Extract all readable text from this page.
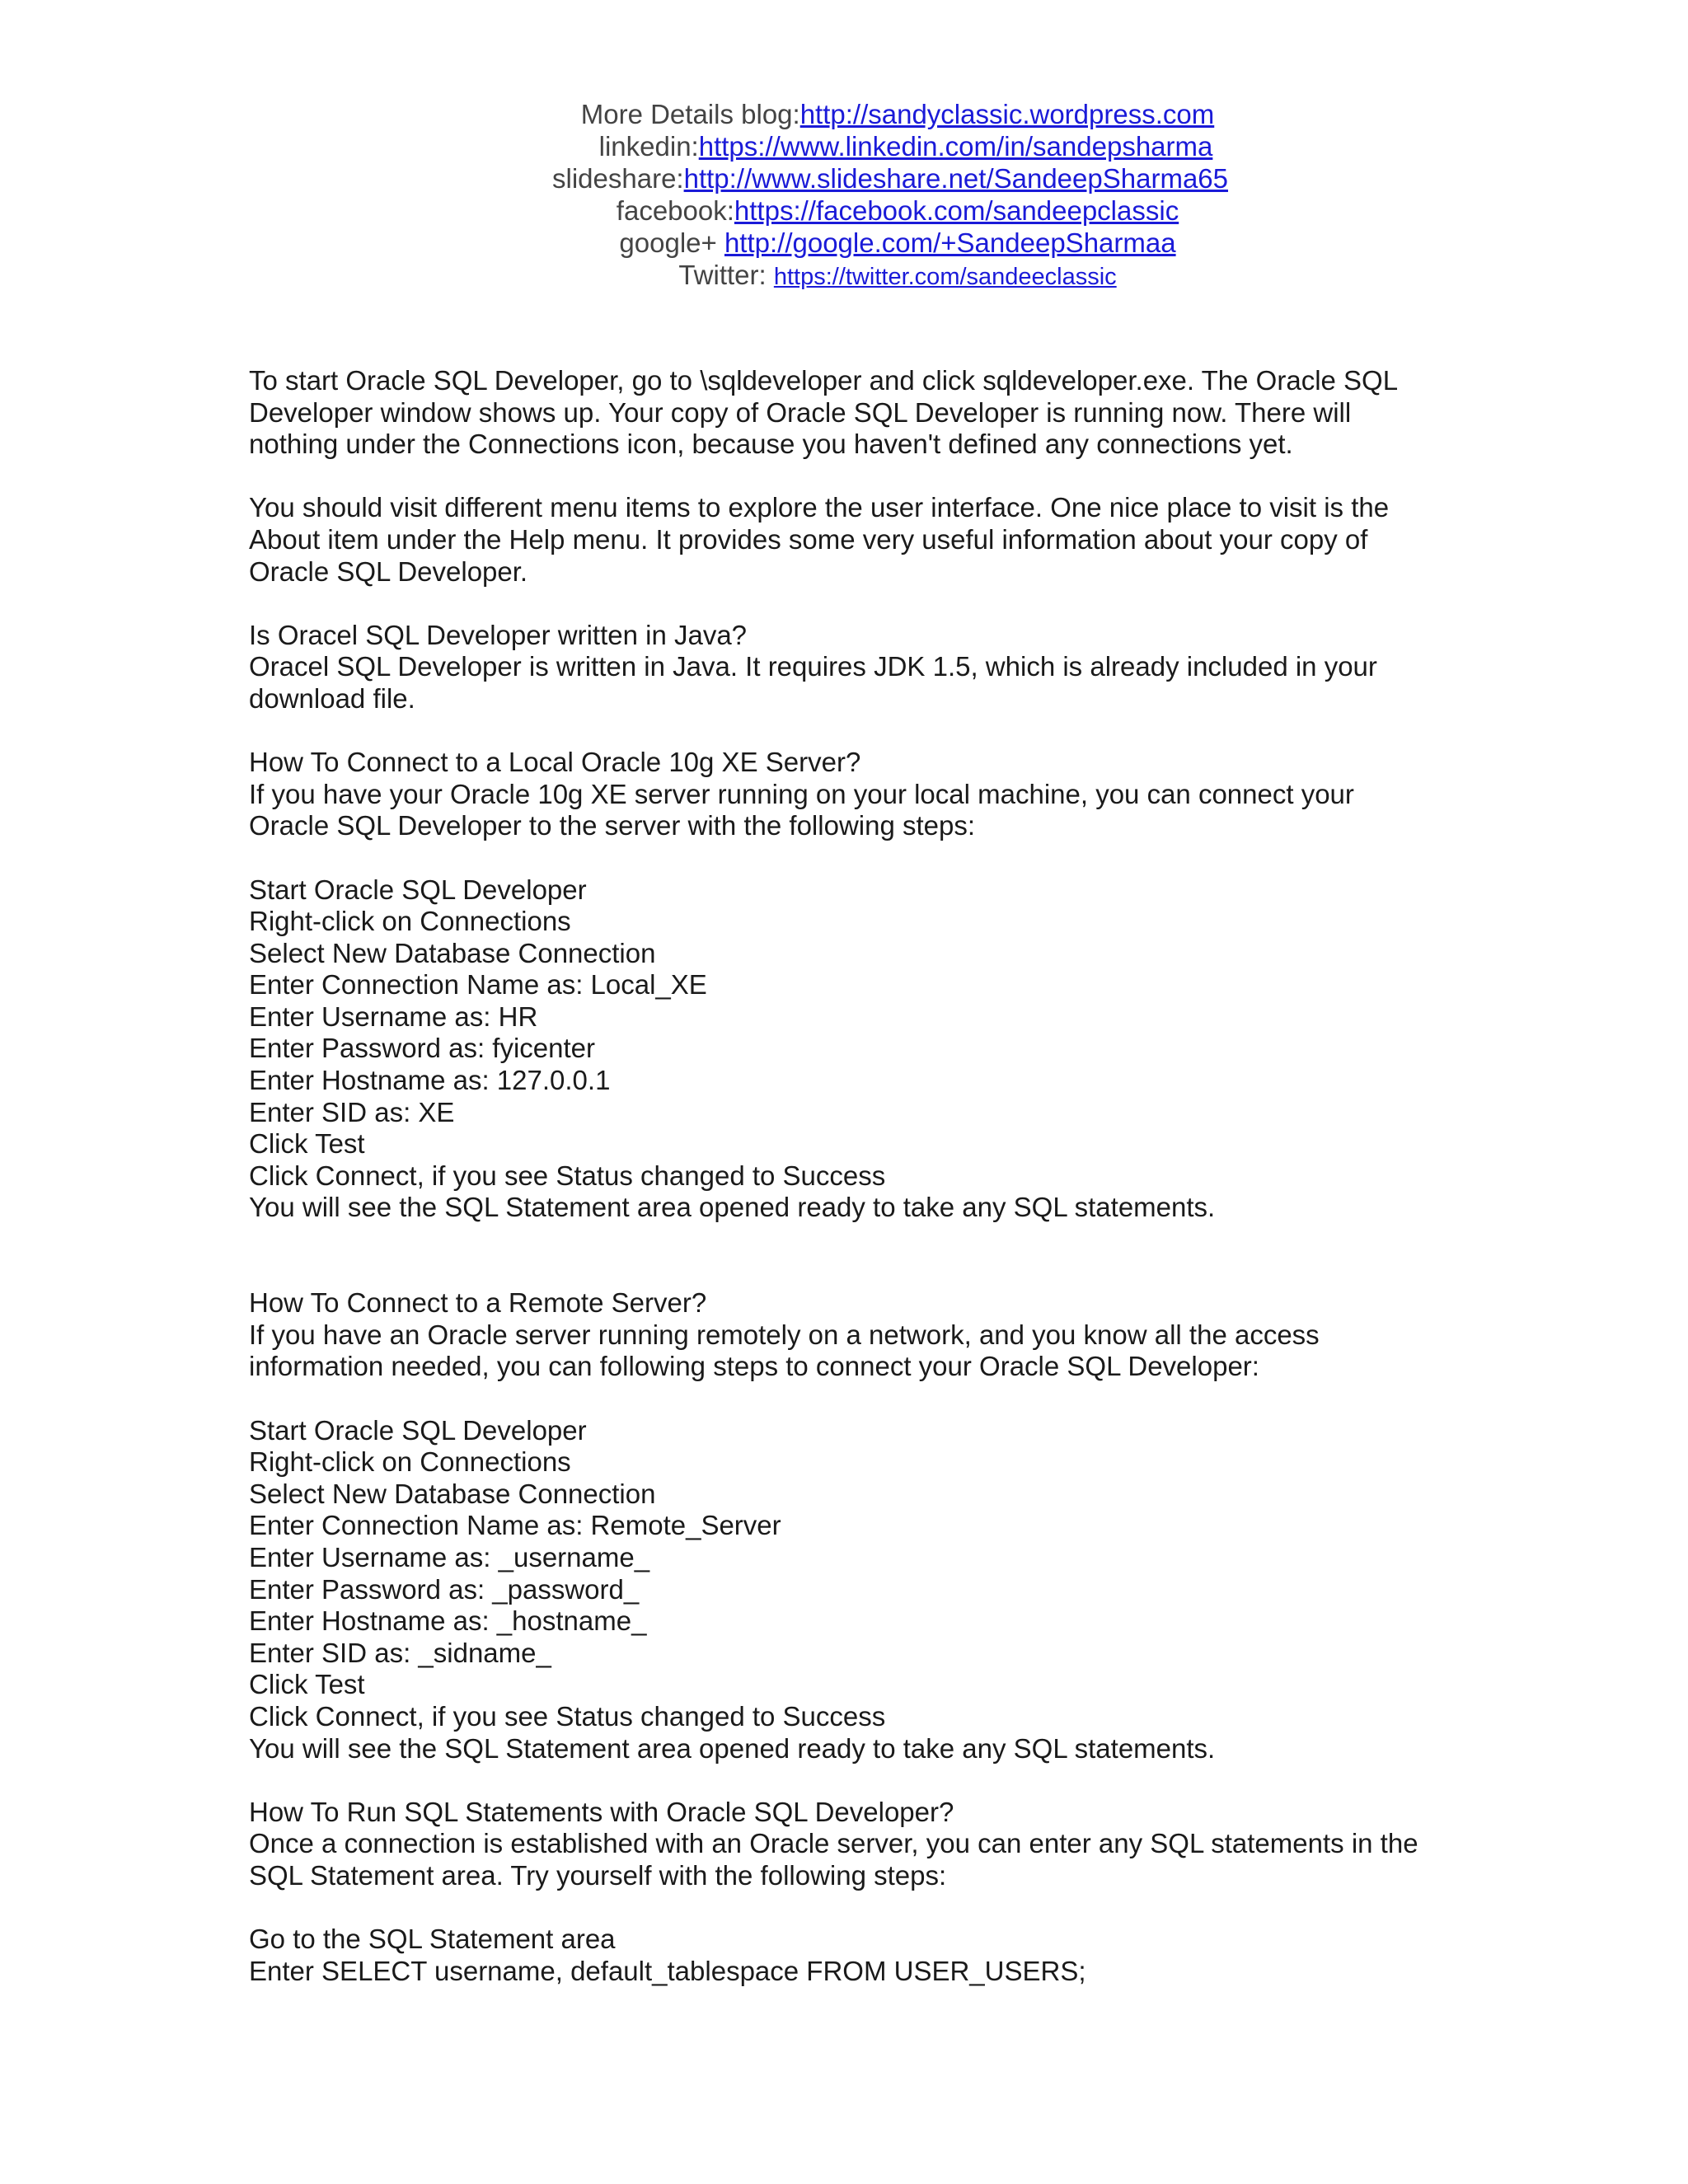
More Details blog:http://sandyclassic.wordpress.com
linkedin:https://www.linkedin.com/in/sandepsharma
slideshare:http://www.slideshare.net/SandeepSharma65
facebook:https://facebook.com/sandeepclassic
google+ http://google.com/+SandeepSharmaa
Twitter: https://twitter.com/sandeeclassic
To start Oracle SQL Developer, go to \sqldeveloper and click sqldeveloper.exe. The Oracle SQL
Developer window shows up. Your copy of Oracle SQL Developer is running now. There will
nothing under the Connections icon, because you haven't defined any connections yet.
You should visit different menu items to explore the user interface. One nice place to visit is the
About item under the Help menu. It provides some very useful information about your copy of
Oracle SQL Developer.
Is Oracel SQL Developer written in Java?
Oracel SQL Developer is written in Java. It requires JDK 1.5, which is already included in your
download file.
How To Connect to a Local Oracle 10g XE Server?
If you have your Oracle 10g XE server running on your local machine, you can connect your
Oracle SQL Developer to the server with the following steps:
Start Oracle SQL Developer
Right-click on Connections
Select New Database Connection
Enter Connection Name as: Local_XE
Enter Username as: HR
Enter Password as: fyicenter
Enter Hostname as: 127.0.0.1
Enter SID as: XE
Click Test
Click Connect, if you see Status changed to Success
You will see the SQL Statement area opened ready to take any SQL statements.
How To Connect to a Remote Server?
If you have an Oracle server running remotely on a network, and you know all the access
information needed, you can following steps to connect your Oracle SQL Developer:
Start Oracle SQL Developer
Right-click on Connections
Select New Database Connection
Enter Connection Name as: Remote_Server
Enter Username as: _username_
Enter Password as: _password_
Enter Hostname as: _hostname_
Enter SID as: _sidname_
Click Test
Click Connect, if you see Status changed to Success
You will see the SQL Statement area opened ready to take any SQL statements.
How To Run SQL Statements with Oracle SQL Developer?
Once a connection is established with an Oracle server, you can enter any SQL statements in the
SQL Statement area. Try yourself with the following steps:
Go to the SQL Statement area
Enter SELECT username, default_tablespace FROM USER_USERS;
